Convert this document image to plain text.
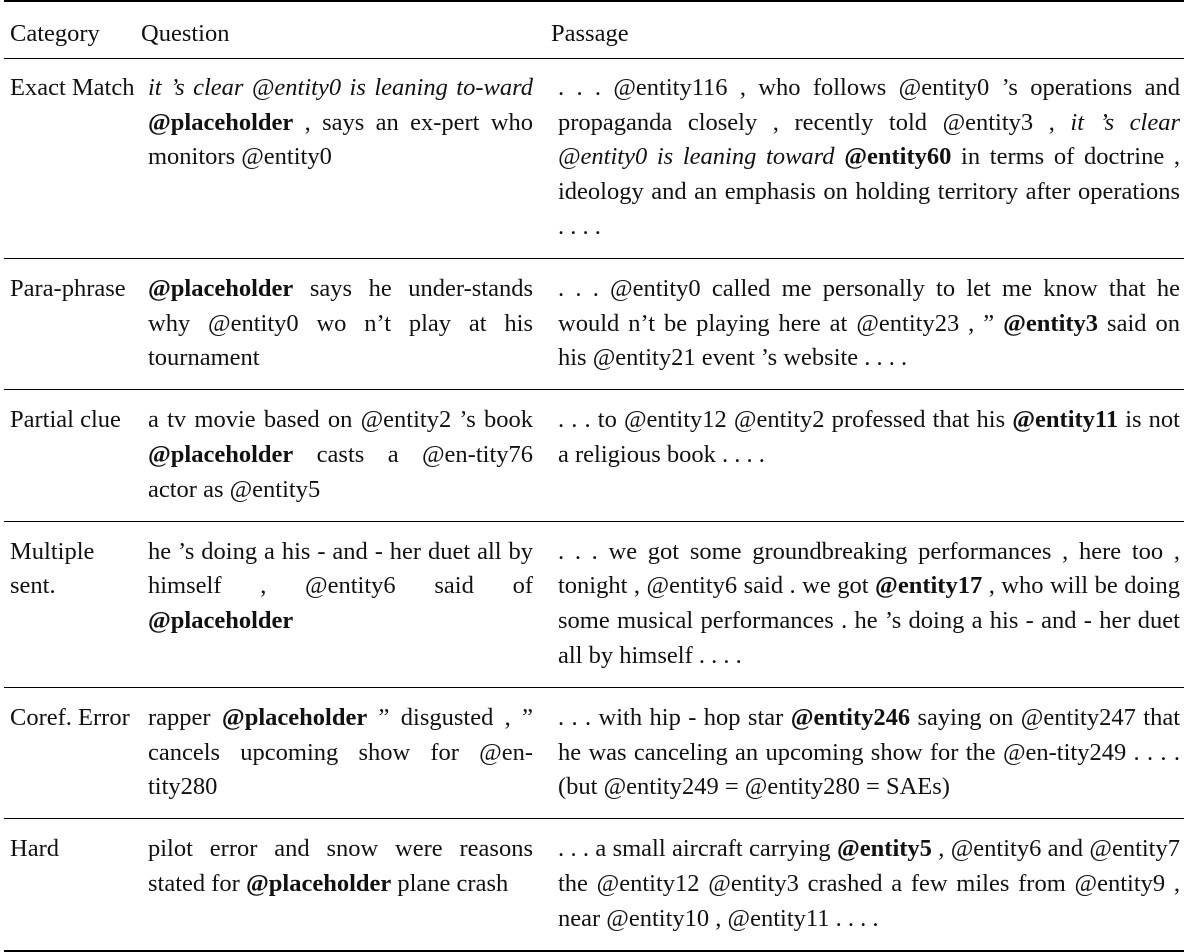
Category	Question	Passage
Exact Match	it ’s clear @entity0 is leaning to-ward @placeholder , says an ex-pert who monitors @entity0	. . . @entity116 , who follows @entity0 ’s operations and propaganda closely , recently told @entity3 , it ’s clear @entity0 is leaning toward @entity60 in terms of doctrine , ideology and an emphasis on holding territory after operations . . . .
Para-phrase	@placeholder says he under-stands why @entity0 wo n’t play at his tournament	. . . @entity0 called me personally to let me know that he would n’t be playing here at @entity23 , ” @entity3 said on his @entity21 event ’s website . . . .
Partial clue	a tv movie based on @entity2 ’s book @placeholder casts a @en-tity76 actor as @entity5	. . . to @entity12 @entity2 professed that his @entity11 is not a religious book . . . .
Multiple sent.	he ’s doing a his - and - her duet all by himself , @entity6 said of @placeholder	. . . we got some groundbreaking performances , here too , tonight , @entity6 said . we got @entity17 , who will be doing some musical performances . he ’s doing a his - and - her duet all by himself . . . .
Coref. Error	rapper @placeholder ” disgusted , ” cancels upcoming show for @en-tity280	. . . with hip - hop star @entity246 saying on @entity247 that he was canceling an upcoming show for the @en-tity249 . . . . (but @entity249 = @entity280 = SAEs)
Hard	pilot error and snow were reasons stated for @placeholder plane crash	. . . a small aircraft carrying @entity5 , @entity6 and @entity7 the @entity12 @entity3 crashed a few miles from @entity9 , near @entity10 , @entity11 . . . .
